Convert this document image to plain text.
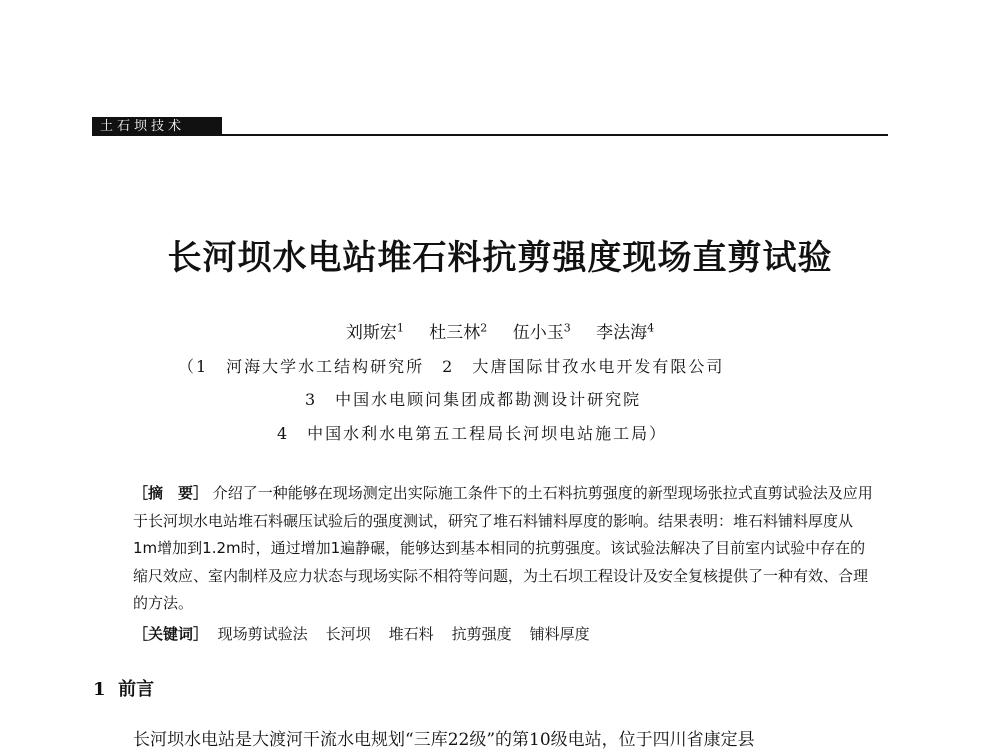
土石坝技术
长河坝水电站堆石料抗剪强度现场直剪试验
刘斯宏$^1$ 杜三林$^2$ 伍小玉$^3$ 李法海$^4$
（1　河海大学水工结构研究所　2　大唐国际甘孜水电开发有限公司
3　中国水电顾问集团成都勘测设计研究院
4　中国水利水电第五工程局长河坝电站施工局）

［摘　要］ 介绍了一种能够在现场测定出实际施工条件下的土石料抗剪强度的新型现场张拉式直剪试验法及应用于长河坝水电站堆石料碾压试验后的强度测试，研究了堆石料铺料厚度的影响。结果表明：堆石料铺料厚度从1m增加到1.2m时，通过增加1遍静碾，能够达到基本相同的抗剪强度。该试验法解决了目前室内试验中存在的缩尺效应、室内制样及应力状态与现场实际不相符等问题，为土石坝工程设计及安全复核提供了一种有效、合理的方法。

［关键词］ 现场剪试验法 长河坝 堆石料 抗剪强度 铺料厚度

1 前言
长河坝水电站是大渡河干流水电规划“三库22级”的第10级电站，位于四川省康定县
